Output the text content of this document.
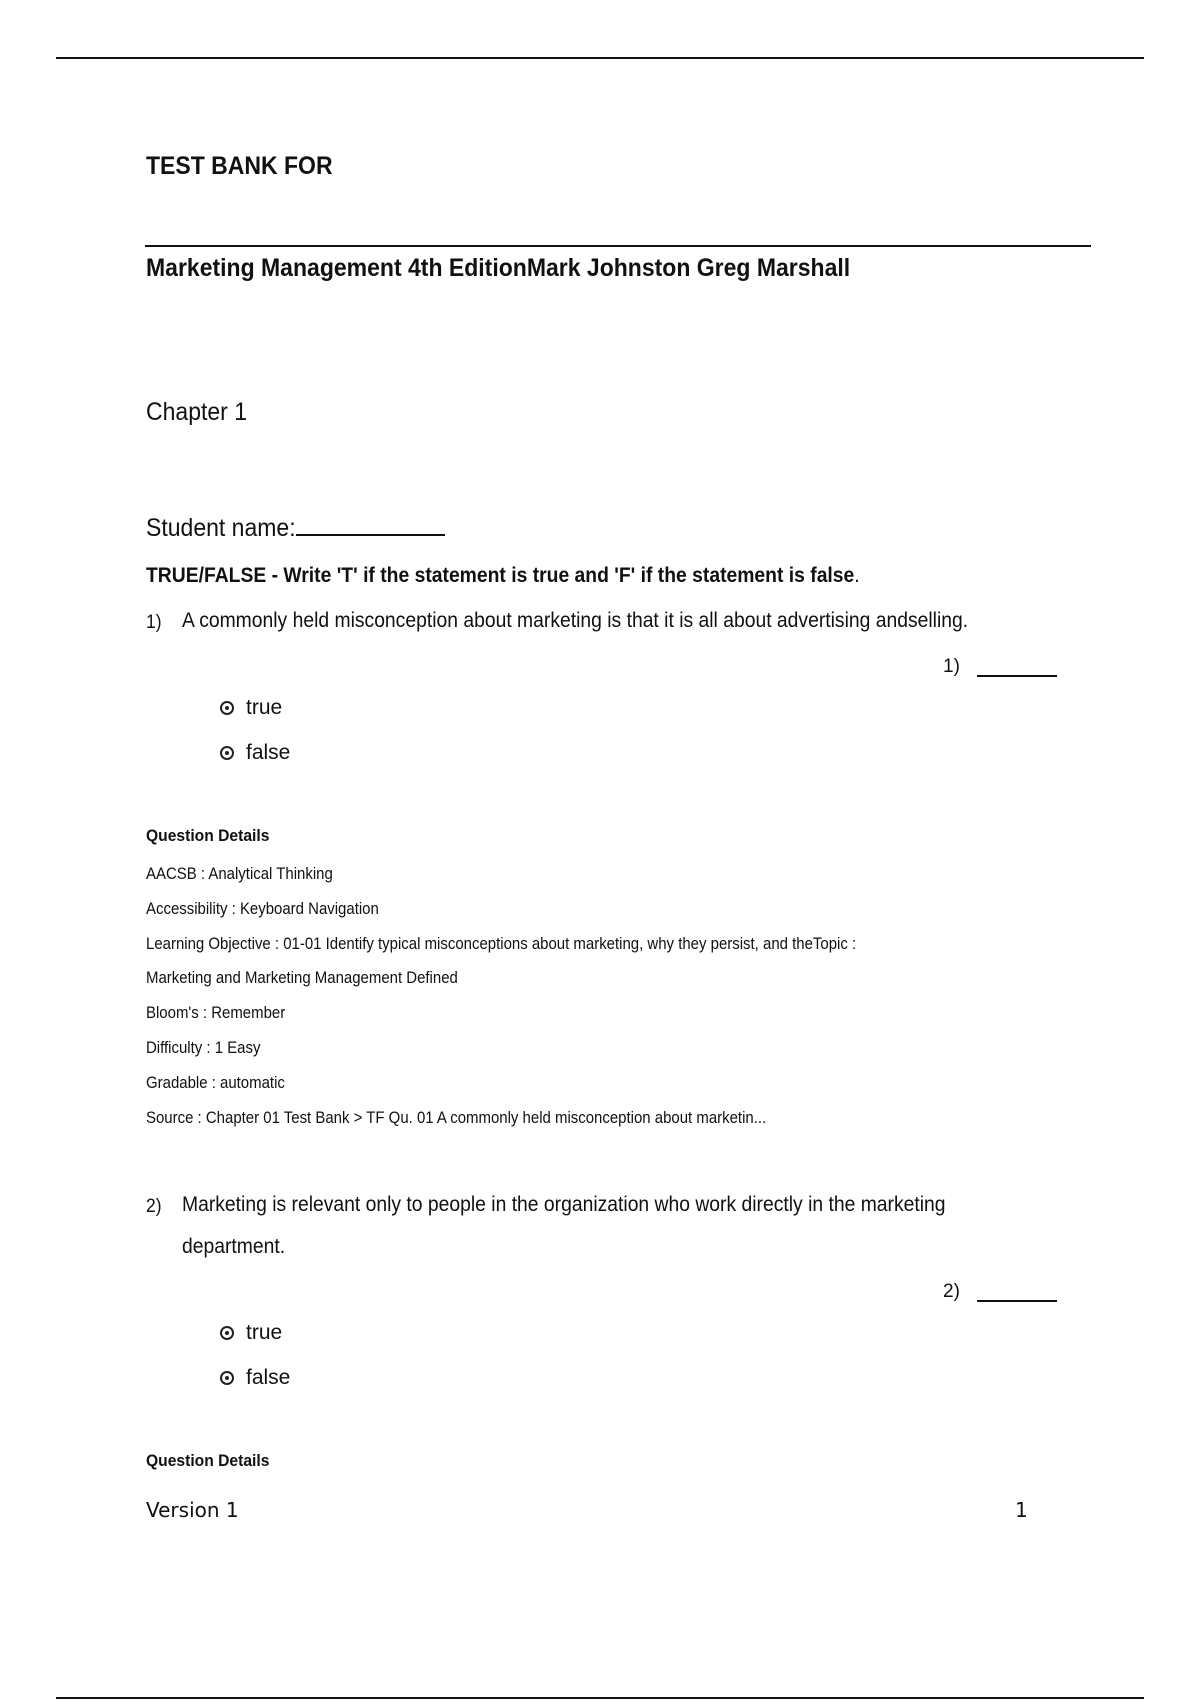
TEST BANK FOR
Marketing Management 4th EditionMark Johnston Greg Marshall
Chapter 1
Student name:
TRUE/FALSE - Write 'T' if the statement is true and 'F' if the statement is false.
1) A commonly held misconception about marketing is that it is all about advertising andselling.
1)
true
false
Question Details
AACSB : Analytical Thinking
Accessibility : Keyboard Navigation
Learning Objective : 01-01 Identify typical misconceptions about marketing, why they persist, and theTopic :
Marketing and Marketing Management Defined
Bloom's : Remember
Difficulty : 1 Easy
Gradable : automatic
Source : Chapter 01 Test Bank > TF Qu. 01 A commonly held misconception about marketin...
2) Marketing is relevant only to people in the organization who work directly in the marketing
department.
2)
true
false
Question Details
Version 1	1
